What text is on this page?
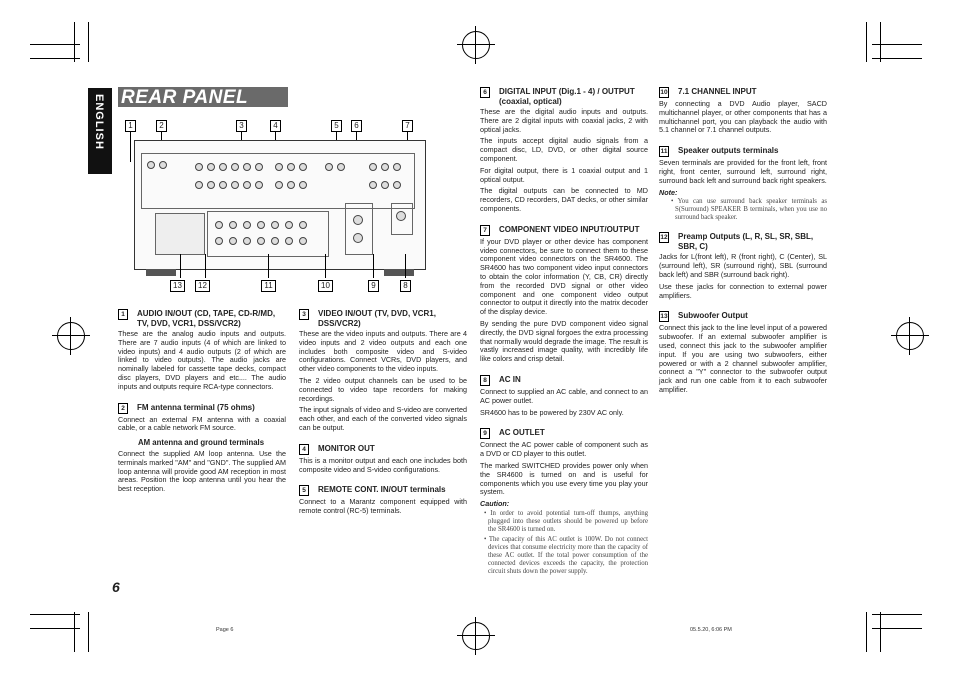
ENGLISH REAR PANEL
6
1	2	3	4	5	6	7
13	12	11	10	9	8
1	AUDIO IN/OUT (CD, TAPE, CD-R/MD, TV, DVD, VCR1, DSS/VCR2)

These are the analog audio inputs and outputs. There are 7 audio inputs (4 of which are linked to video inputs) and 4 audio outputs (2 of which are linked to video outputs). The audio jacks are nominally labeled for cassette tape decks, compact disc players, DVD players and etc.... The audio inputs and outputs require RCA-type connectors.

2	FM antenna terminal (75 ohms)

Connect an external FM antenna with a coaxial cable, or a cable network FM source.

AM antenna and ground terminals

Connect the supplied AM loop antenna. Use the terminals marked "AM" and "GND". The supplied AM loop antenna will provide good AM reception in most areas. Position the loop antenna until you hear the best reception.

3	VIDEO IN/OUT (TV, DVD, VCR1, DSS/VCR2)

These are the video inputs and outputs. There are 4 video inputs and 2 video outputs and each one includes both composite video and S-video configurations. Connect VCRs, DVD players, and other video components to the video inputs.

The 2 video output channels can be used to be connected to video tape recorders for making recordings.

The input signals of video and S-video are converted each other, and each of the converted video signals can be output.

4	MONITOR OUT

This is a monitor output and each one includes both composite video and S-video configurations.

5	REMOTE CONT. IN/OUT terminals

Connect to a Marantz component equipped with remote control (RC-5) terminals.

6	DIGITAL INPUT (Dig.1 - 4) / OUTPUT (coaxial, optical)

These are the digital audio inputs and outputs. There are 2 digital inputs with coaxial jacks, 2 with optical jacks.

The inputs accept digital audio signals from a compact disc, LD, DVD, or other digital source component.

For digital output, there is 1 coaxial output and 1 optical output.

The digital outputs can be connected to MD recorders, CD recorders, DAT decks, or other similar components.

7	COMPONENT VIDEO INPUT/OUTPUT

If your DVD player or other device has component video connectors, be sure to connect them to these component video connectors on the SR4600. The SR4600 has two component video input connectors to obtain the color information (Y, CB, CR) directly from the recorded DVD signal or other video component and one component video output connector to output it directly into the matrix decoder of the display device.

By sending the pure DVD component video signal directly, the DVD signal forgoes the extra processing that normally would degrade the image. The result is vastly increased image quality, with incredibly life like colors and crisp detail.

8	AC IN

Connect to supplied an AC cable, and connect to an AC power outlet.

SR4600 has to be powered by 230V AC only.

9	AC OUTLET

Connect the AC power cable of component such as a DVD or CD player to this outlet.

The marked SWITCHED provides power only when the SR4600 is turned on and is useful for components which you use every time you play your system.

Caution:
• In order to avoid potential turn-off thumps, anything plugged into these outlets should be powered up before the SR4600 is turned on.
• The capacity of this AC outlet is 100W. Do not connect devices that consume electricity more than the capacity of these AC outlet. If the total power consumption of the connected devices exceeds the capacity, the protection circuit shuts down the power supply.
10 7.1 CHANNEL INPUT

By connecting a DVD Audio player, SACD multichannel player, or other components that has a multichannel port, you can playback the audio with 5.1 channel or 7.1 channel outputs.

11 Speaker outputs terminals

Seven terminals are provided for the front left, front right, front center, surround left, surround right, surround back left and surround back right speakers.

Note:
• You can use surround back speaker terminals as S(Surround) SPEAKER B terminals, when you use no surround back speaker.
12 Preamp Outputs (L, R, SL, SR, SBL, SBR, C)

Jacks for L(front left), R (front right), C (Center), SL (surround left), SR (surround right), SBL (surround back left) and SBR (surround back right).

Use these jacks for connection to external power amplifiers.

13 Subwoofer Output

Connect this jack to the line level input of a powered subwoofer. If an external subwoofer amplifier is used, connect this jack to the subwoofer amplifier input. If you are using two subwoofers, either powered or with a 2 channel subwoofer amplifier, connect a "Y" connector to the subwoofer output jack and run one cable from it to each subwoofer amplifier.

Page 6	05.5.20, 6:06 PM
